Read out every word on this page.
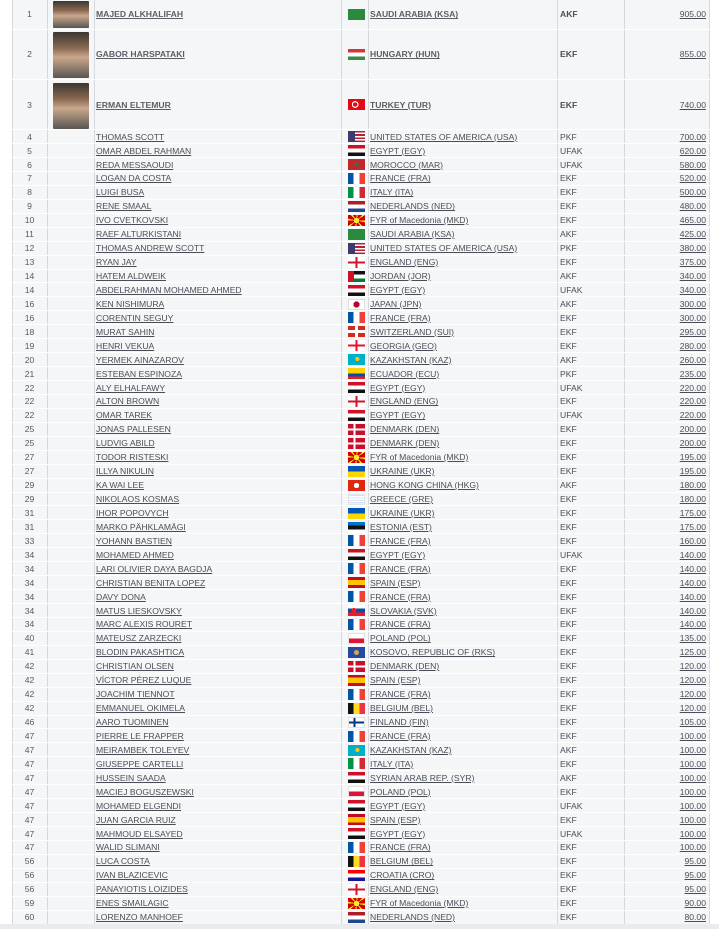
1		MAJED ALKHALIFAH		SAUDI ARABIA (KSA)	AKF	905.00
2		GABOR HARSPATAKI		HUNGARY (HUN)	EKF	855.00
3		ERMAN ELTEMUR		TURKEY (TUR)	EKF	740.00
4		THOMAS SCOTT		UNITED STATES OF AMERICA (USA)	PKF	700.00
5		OMAR ABDEL RAHMAN		EGYPT (EGY)	UFAK	620.00
6		REDA MESSAOUDI		MOROCCO (MAR)	UFAK	580.00
7		LOGAN DA COSTA		FRANCE (FRA)	EKF	520.00
8		LUIGI BUSA		ITALY (ITA)	EKF	500.00
9		RENE SMAAL		NEDERLANDS (NED)	EKF	480.00
10		IVO CVETKOVSKI		FYR of Macedonia (MKD)	EKF	465.00
11		RAEF ALTURKISTANI		SAUDI ARABIA (KSA)	AKF	425.00
12		THOMAS ANDREW SCOTT		UNITED STATES OF AMERICA (USA)	PKF	380.00
13		RYAN JAY		ENGLAND (ENG)	EKF	375.00
14		HATEM ALDWEIK		JORDAN (JOR)	AKF	340.00
14		ABDELRAHMAN MOHAMED AHMED		EGYPT (EGY)	UFAK	340.00
16		KEN NISHIMURA		JAPAN (JPN)	AKF	300.00
16		CORENTIN SEGUY		FRANCE (FRA)	EKF	300.00
18		MURAT SAHIN		SWITZERLAND (SUI)	EKF	295.00
19		HENRI VEKUA		GEORGIA (GEO)	EKF	280.00
20		YERMEK AINAZAROV		KAZAKHSTAN (KAZ)	AKF	260.00
21		ESTEBAN ESPINOZA		ECUADOR (ECU)	PKF	235.00
22		ALY ELHALFAWY		EGYPT (EGY)	UFAK	220.00
22		ALTON BROWN		ENGLAND (ENG)	EKF	220.00
22		OMAR TAREK		EGYPT (EGY)	UFAK	220.00
25		JONAS PALLESEN		DENMARK (DEN)	EKF	200.00
25		LUDVIG ABILD		DENMARK (DEN)	EKF	200.00
27		TODOR RISTESKI		FYR of Macedonia (MKD)	EKF	195.00
27		ILLYA NIKULIN		UKRAINE (UKR)	EKF	195.00
29		KA WAI LEE		HONG KONG CHINA (HKG)	AKF	180.00
29		NIKOLAOS KOSMAS		GREECE (GRE)	EKF	180.00
31		IHOR POPOVYCH		UKRAINE (UKR)	EKF	175.00
31		MARKO PÄHKLAMÄGI		ESTONIA (EST)	EKF	175.00
33		YOHANN BASTIEN		FRANCE (FRA)	EKF	160.00
34		MOHAMED AHMED		EGYPT (EGY)	UFAK	140.00
34		LARI OLIVIER DAYA BAGDJA		FRANCE (FRA)	EKF	140.00
34		CHRISTIAN BENITA LOPEZ		SPAIN (ESP)	EKF	140.00
34		DAVY DONA		FRANCE (FRA)	EKF	140.00
34		MATUS LIESKOVSKY		SLOVAKIA (SVK)	EKF	140.00
34		MARC ALEXIS ROURET		FRANCE (FRA)	EKF	140.00
40		MATEUSZ ZARZECKI		POLAND (POL)	EKF	135.00
41		BLODIN PAKASHTICA		KOSOVO, REPUBLIC OF (RKS)	EKF	125.00
42		CHRISTIAN OLSEN		DENMARK (DEN)	EKF	120.00
42		VÍCTOR PÉREZ LUQUE		SPAIN (ESP)	EKF	120.00
42		JOACHIM TIENNOT		FRANCE (FRA)	EKF	120.00
42		EMMANUEL OKIMELA		BELGIUM (BEL)	EKF	120.00
46		AARO TUOMINEN		FINLAND (FIN)	EKF	105.00
47		PIERRE LE FRAPPER		FRANCE (FRA)	EKF	100.00
47		MEIRAMBEK TOLEYEV		KAZAKHSTAN (KAZ)	AKF	100.00
47		GIUSEPPE CARTELLI		ITALY (ITA)	EKF	100.00
47		HUSSEIN SAADA		SYRIAN ARAB REP. (SYR)	AKF	100.00
47		MACIEJ BOGUSZEWSKI		POLAND (POL)	EKF	100.00
47		MOHAMED ELGENDI		EGYPT (EGY)	UFAK	100.00
47		JUAN GARCIA RUIZ		SPAIN (ESP)	EKF	100.00
47		MAHMOUD ELSAYED		EGYPT (EGY)	UFAK	100.00
47		WALID SLIMANI		FRANCE (FRA)	EKF	100.00
56		LUCA COSTA		BELGIUM (BEL)	EKF	95.00
56		IVAN BLAZICEVIC		CROATIA (CRO)	EKF	95.00
56		PANAYIOTIS LOIZIDES		ENGLAND (ENG)	EKF	95.00
59		ENES SMAILAGIC		FYR of Macedonia (MKD)	EKF	90.00
60		LORENZO MANHOEF		NEDERLANDS (NED)	EKF	80.00
